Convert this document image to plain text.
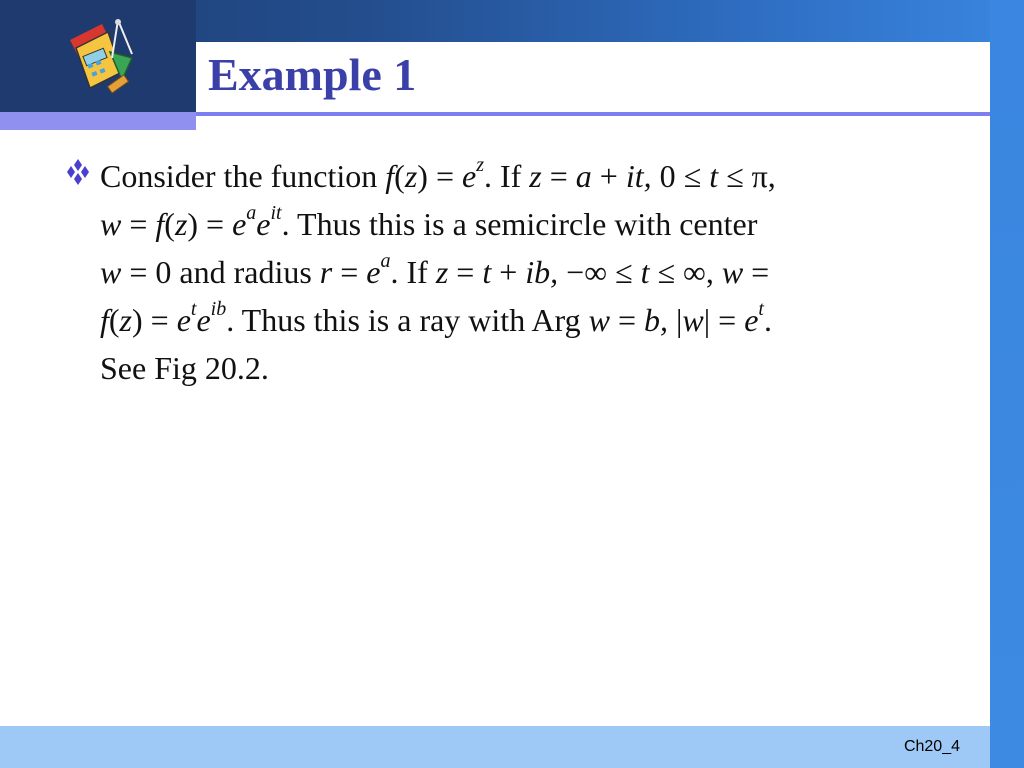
Example 1
Consider the function $f(z) = e^z$. If z = a + it, 0 ≤ t ≤ π,
$w = f(z) = e^ae^{it}$. Thus this is a semicircle with center
w = 0 and radius $r = e^a$. If z = t + ib, −∞ ≤ t ≤ ∞, w =
$f(z) = e^te^{ib}$. Thus this is a ray with Arg w = b, $|w| = e^t$.
See Fig 20.2.
Ch20_4
